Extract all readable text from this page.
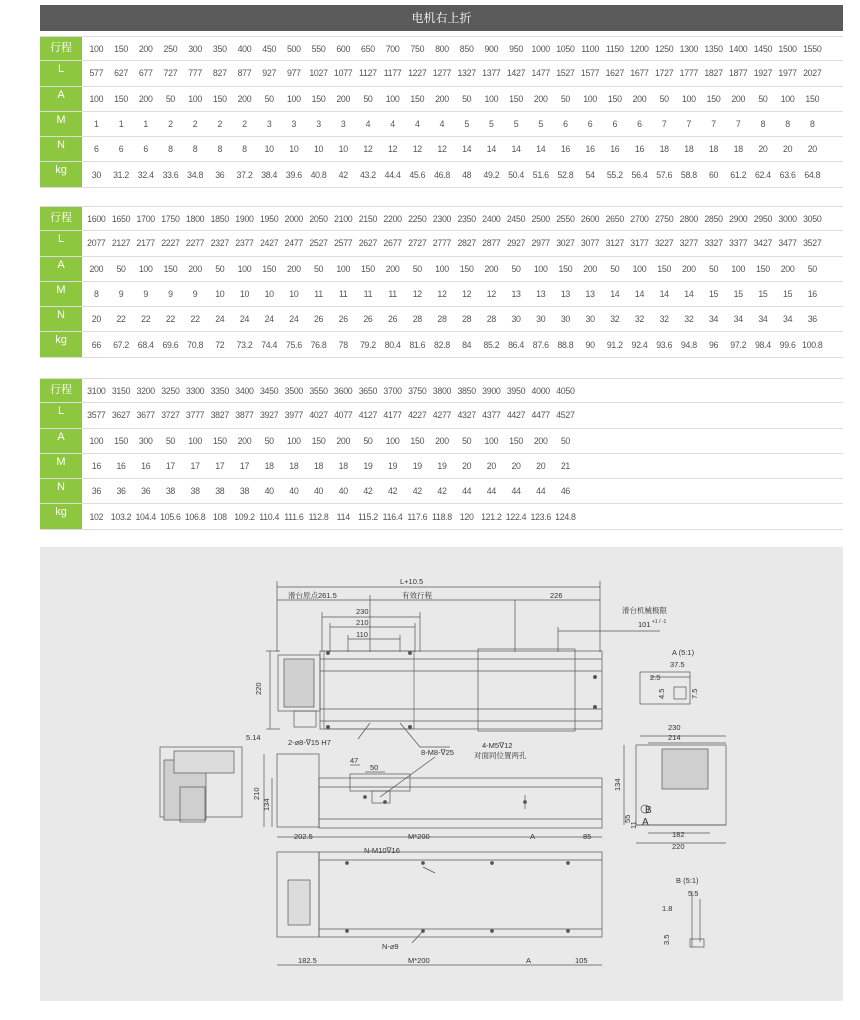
电机右上折
行程	100	150	200	250	300	350	400	450	500	550	600	650	700	750	800	850	900	950 1000 1050 1100 1150 1200 1250 1300 1350 1400 1450 1500 1550
L	577	627	677	727	777	827	877	927	977 1027 1077 1127 1177 1227 1277 1327 1377 1427 1477 1527 1577 1627 1677 1727 1777 1827 1877 1927 1977 2027
A	100	150	200	50	100	150	200	50	100	150	200	50	100	150	200	50	100	150	200	50	100	150	200	50	100	150	200	50	100	150
M	1	1	1	2	2	2	2	3	3	3	3	4	4	4	4	5	5	5	5	6	6	6	6	7	7	7	7	8	8	8
N	6	6	6	8	8	8	8	10	10	10	10	12	12	12	12	14	14	14	14	16	16	16	16	18	18	18	18	20	20	20
kg	30	31.2 32.4 33.6 34.8	36	37.2 38.4 39.6 40.8	42	43.2 44.4 45.6 46.8	48	49.2 50.4 51.6 52.8	54	55.2 56.4 57.6 58.8	60	61.2 62.4 63.6 64.8
行程	1600 1650 1700 1750 1800 1850 1900 1950 2000 2050 2100 2150 2200 2250 2300 2350 2400 2450 2500 2550 2600 2650 2700 2750 2800 2850 2900 2950 3000 3050
L	2077 2127 2177 2227 2277 2327 2377 2427 2477 2527 2577 2627 2677 2727 2777 2827 2877 2927 2977 3027 3077 3127 3177 3227 3277 3327 3377 3427 3477 3527
A	200	50	100	150	200	50	100	150	200	50	100	150	200	50	100	150	200	50	100	150	200	50	100	150	200	50	100	150	200	50
M	8	9	9	9	9	10	10	10	10	11	11	11	11	12	12	12	12	13	13	13	13	14	14	14	14	15	15	15	15	16
N	20	22	22	22	22	24	24	24	24	26	26	26	26	28	28	28	28	30	30	30	30	32	32	32	32	34	34	34	34	36
kg	66	67.2 68.4 69.6 70.8	72	73.2 74.4 75.6 76.8	78	79.2 80.4 81.6 82.8	84	85.2 86.4 87.6 88.8	90	91.2 92.4 93.6 94.8	96	97.2 98.4 99.6 100.8
行程	3100 3150 3200 3250 3300 3350 3400 3450 3500 3550 3600 3650 3700 3750 3800 3850 3900 3950 4000 4050
L	3577 3627 3677 3727 3777 3827 3877 3927 3977 4027 4077 4127 4177 4227 4277 4327 4377 4427 4477 4527
A	100	150	300	50	100	150	200	50	100	150	200	50	100	150	200	50	100	150	200	50
M	16	16	16	17	17	17	17	18	18	18	18	19	19	19	19	20	20	20	20	21
N	36	36	36	38	38	38	38	40	40	40	40	42	42	42	42	44	44	44	44	46
kg	102 103.2 104.4 105.6 106.8 108 109.2 110.4 111.6 112.8 114 115.2 116.4 117.6 118.8 120 121.2 122.4 123.6 124.8
L+10.5
滑台原点261.5	有效行程	226
滑台机械极限
101 +1 / -1
230
210
110
220
5.14
2-⌀8-∇15 H7
8-M8-∇25
4-M5∇12
对面同位置两孔
47
50
210
134
A (5:1)
37.5
2.5
4.5	7.5
230
214
134
55
11
182
220
B
A
202.5	M*200	A	85
N-M10∇16
N-⌀9
182.5	M*200	A	105
B (5:1)
5.5
1.8
3.5
